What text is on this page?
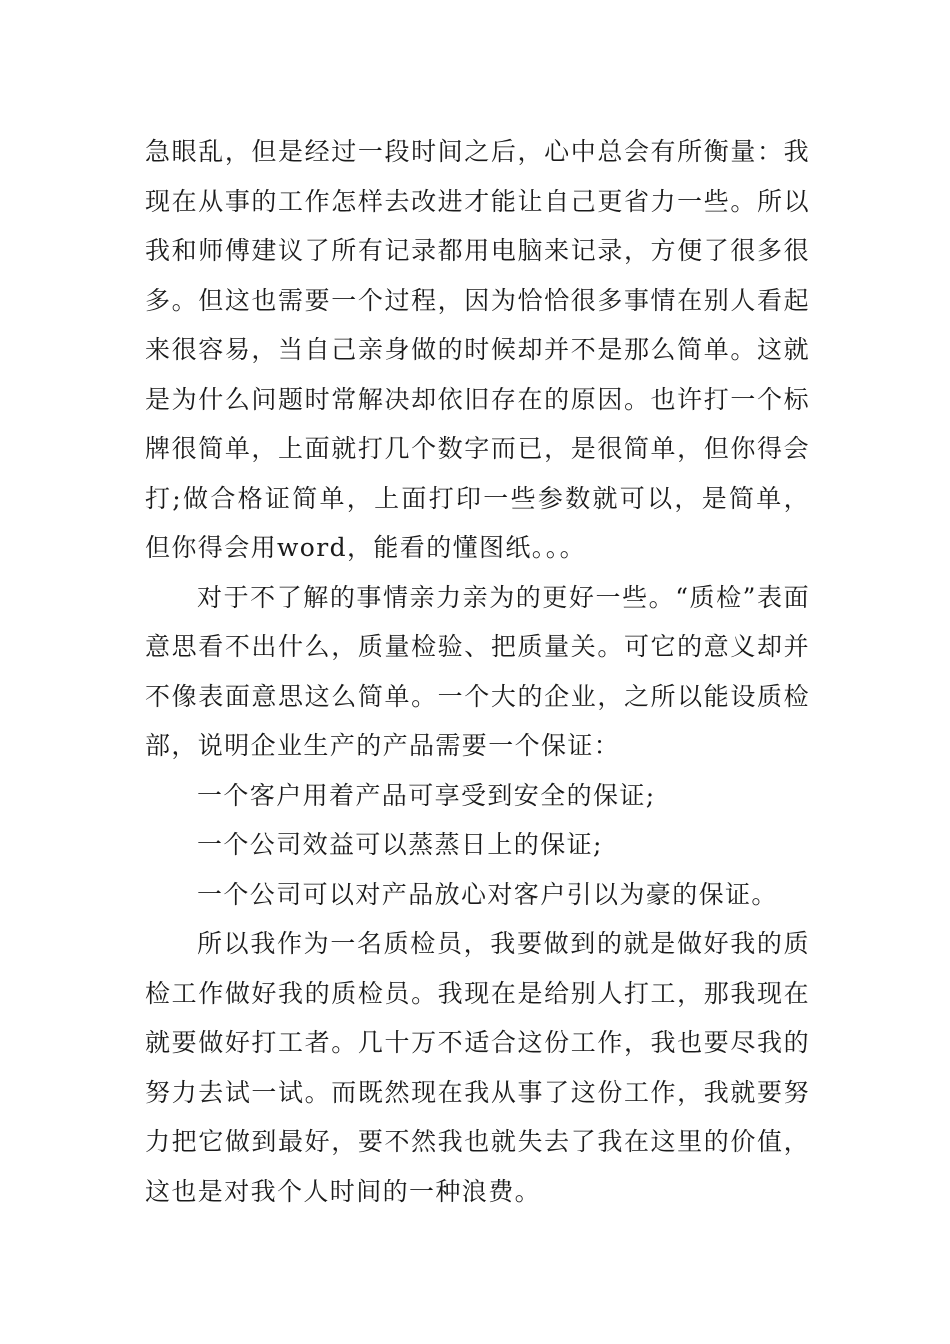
急眼乱，但是经过一段时间之后，心中总会有所衡量：我现在从事的工作怎样去改进才能让自己更省力一些。所以我和师傅建议了所有记录都用电脑来记录，方便了很多很多。但这也需要一个过程，因为恰恰很多事情在别人看起来很容易，当自己亲身做的时候却并不是那么简单。这就是为什么问题时常解决却依旧存在的原因。也许打一个标牌很简单，上面就打几个数字而已，是很简单，但你得会打;做合格证简单，上面打印一些参数就可以，是简单，但你得会用word，能看的懂图纸。。。

对于不了解的事情亲力亲为的更好一些。“质检”表面意思看不出什么，质量检验、把质量关。可它的意义却并不像表面意思这么简单。一个大的企业，之所以能设质检部，说明企业生产的产品需要一个保证：

一个客户用着产品可享受到安全的保证;

一个公司效益可以蒸蒸日上的保证;

一个公司可以对产品放心对客户引以为豪的保证。

所以我作为一名质检员，我要做到的就是做好我的质检工作做好我的质检员。我现在是给别人打工，那我现在就要做好打工者。几十万不适合这份工作，我也要尽我的努力去试一试。而既然现在我从事了这份工作，我就要努力把它做到最好，要不然我也就失去了我在这里的价值，这也是对我个人时间的一种浪费。
